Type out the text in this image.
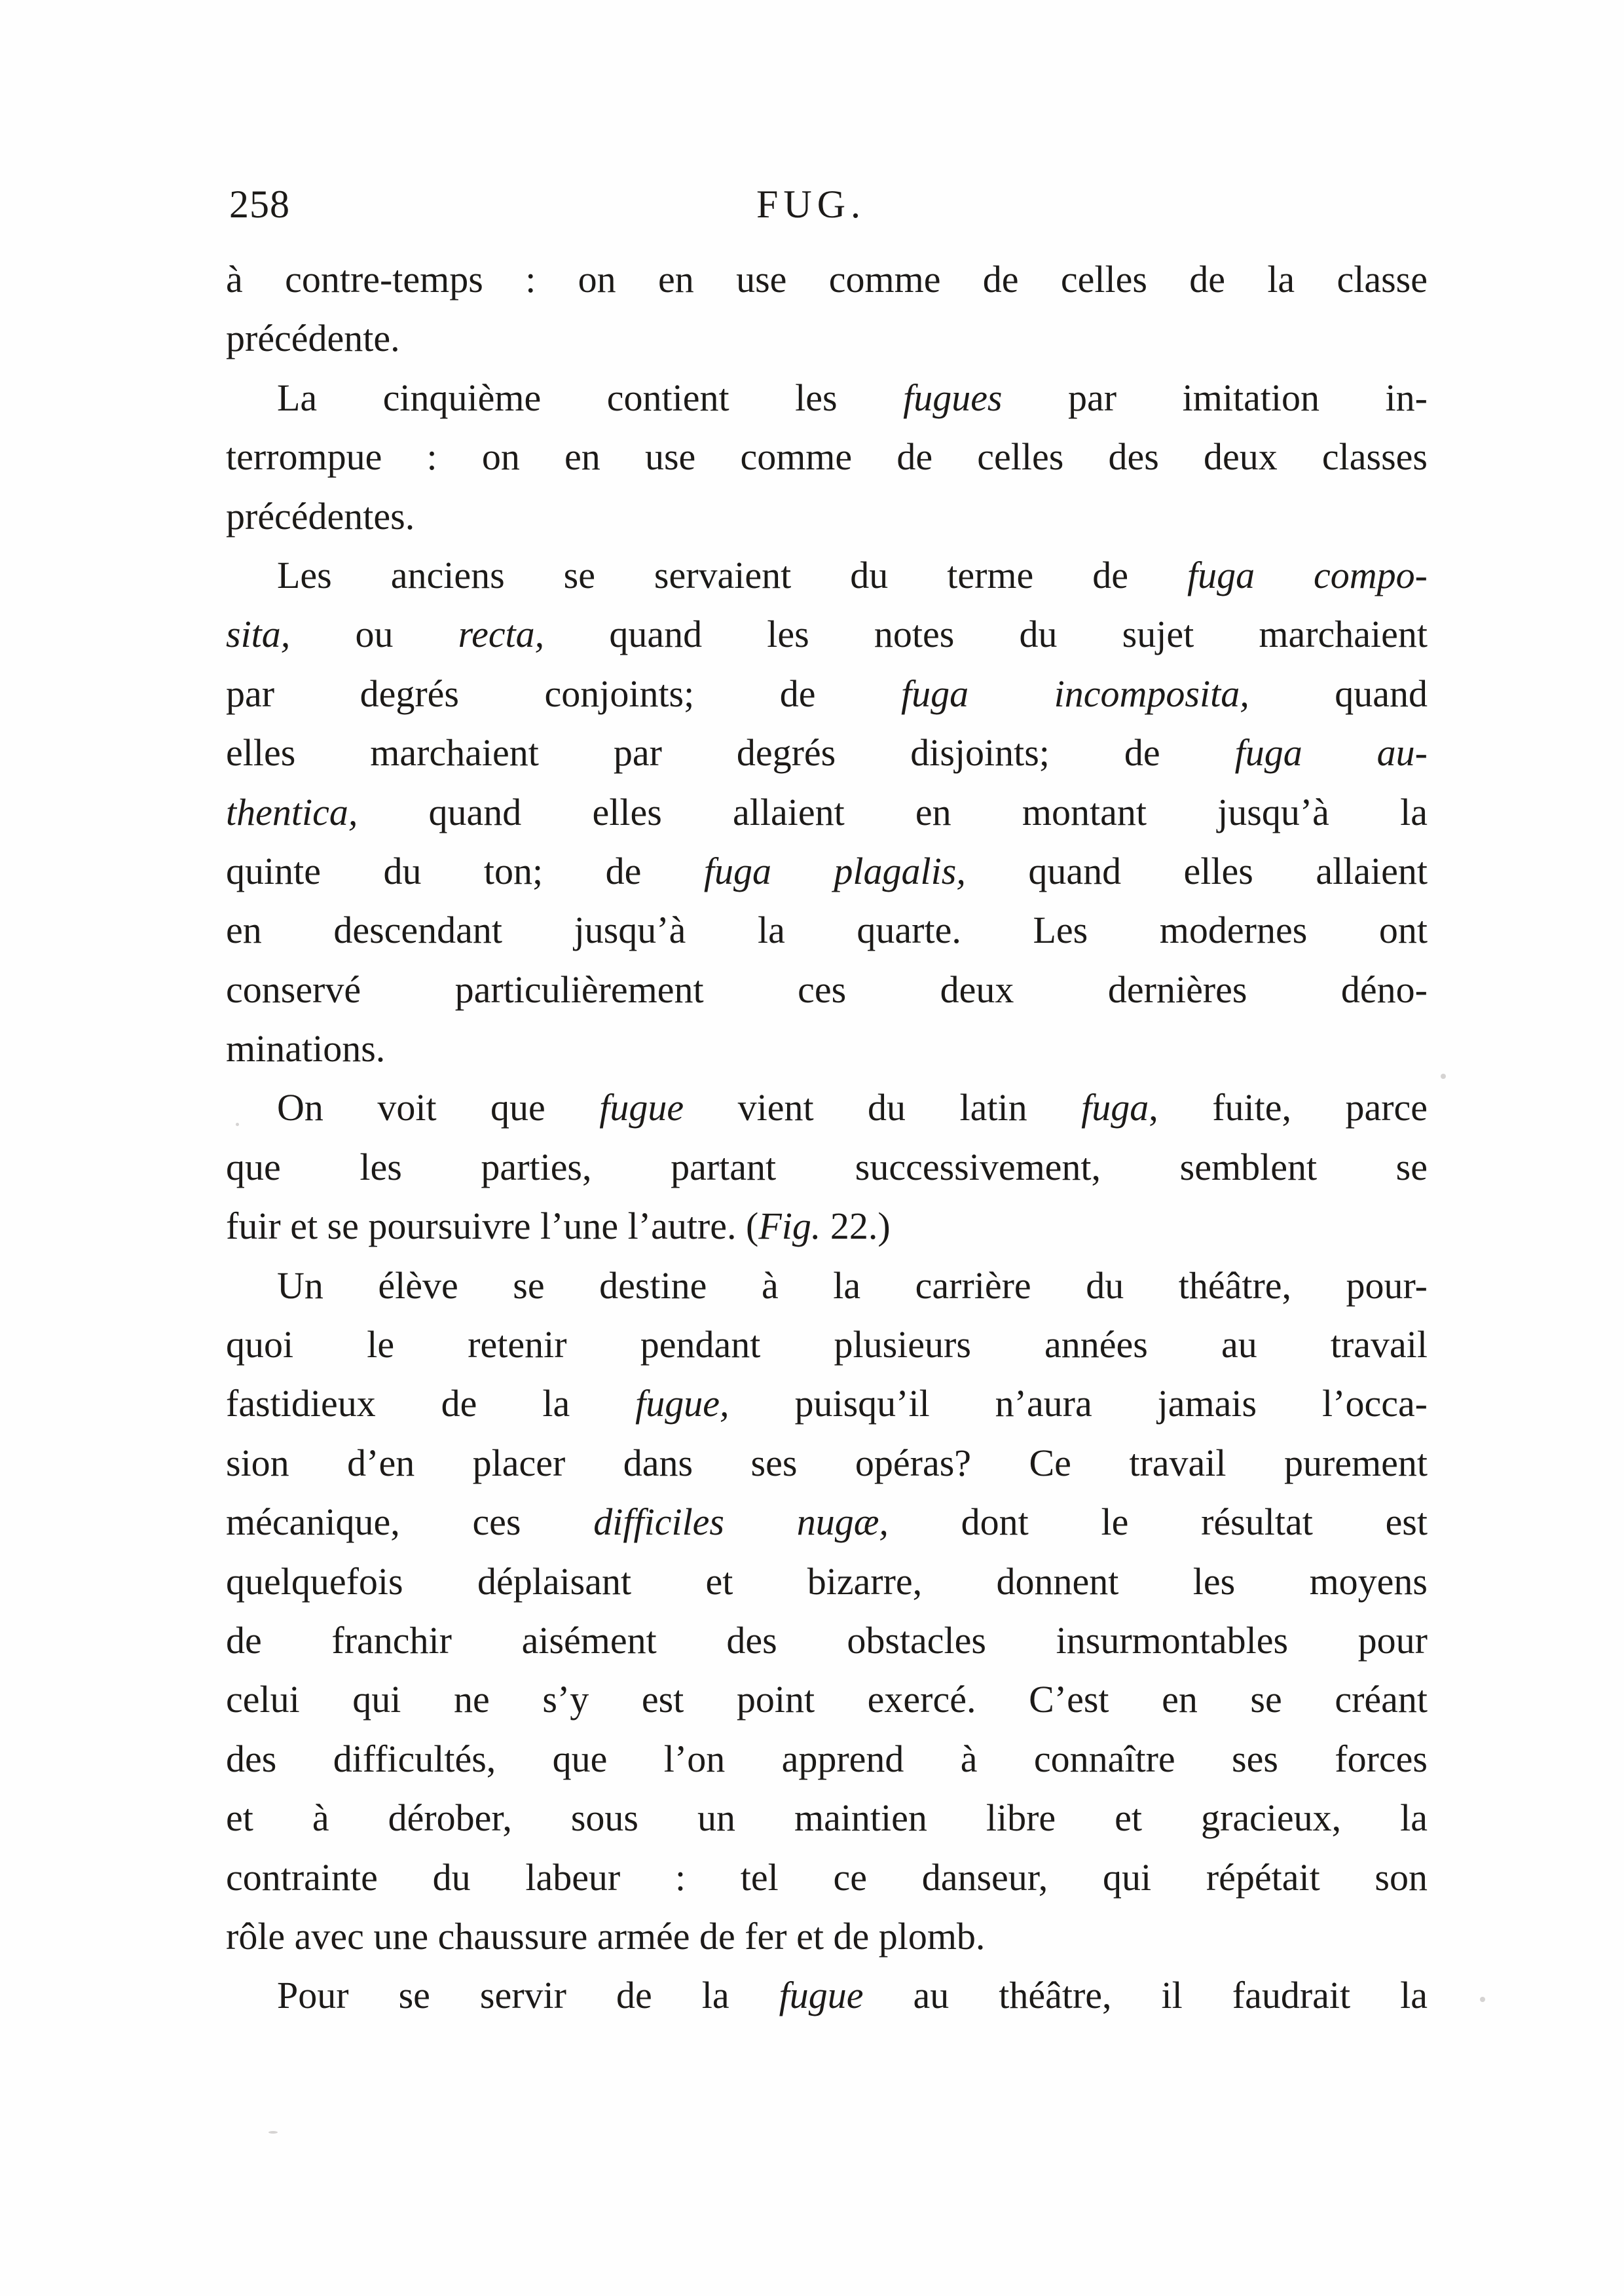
258	FUG.
à contre-temps : on en use comme de celles de la classe
précédente.
La cinquième contient les fugues par imitation in-
terrompue : on en use comme de celles des deux classes
précédentes.
Les anciens se servaient du terme de fuga compo-
sita, ou recta, quand les notes du sujet marchaient
par degrés conjoints; de fuga incomposita, quand
elles marchaient par degrés disjoints; de fuga au-
thentica, quand elles allaient en montant jusqu’à la
quinte du ton; de fuga plagalis, quand elles allaient
en descendant jusqu’à la quarte. Les modernes ont
conservé particulièrement ces deux dernières déno-
minations.
On voit que fugue vient du latin fuga, fuite, parce
que les parties, partant successivement, semblent se
fuir et se poursuivre l’une l’autre. (Fig. 22.)
Un élève se destine à la carrière du théâtre, pour-
quoi le retenir pendant plusieurs années au travail
fastidieux de la fugue, puisqu’il n’aura jamais l’occa-
sion d’en placer dans ses opéras? Ce travail purement
mécanique, ces difficiles nugæ, dont le résultat est
quelquefois déplaisant et bizarre, donnent les moyens
de franchir aisément des obstacles insurmontables pour
celui qui ne s’y est point exercé. C’est en se créant
des difficultés, que l’on apprend à connaître ses forces
et à dérober, sous un maintien libre et gracieux, la
contrainte du labeur : tel ce danseur, qui répétait son
rôle avec une chaussure armée de fer et de plomb.
Pour se servir de la fugue au théâtre, il faudrait la
